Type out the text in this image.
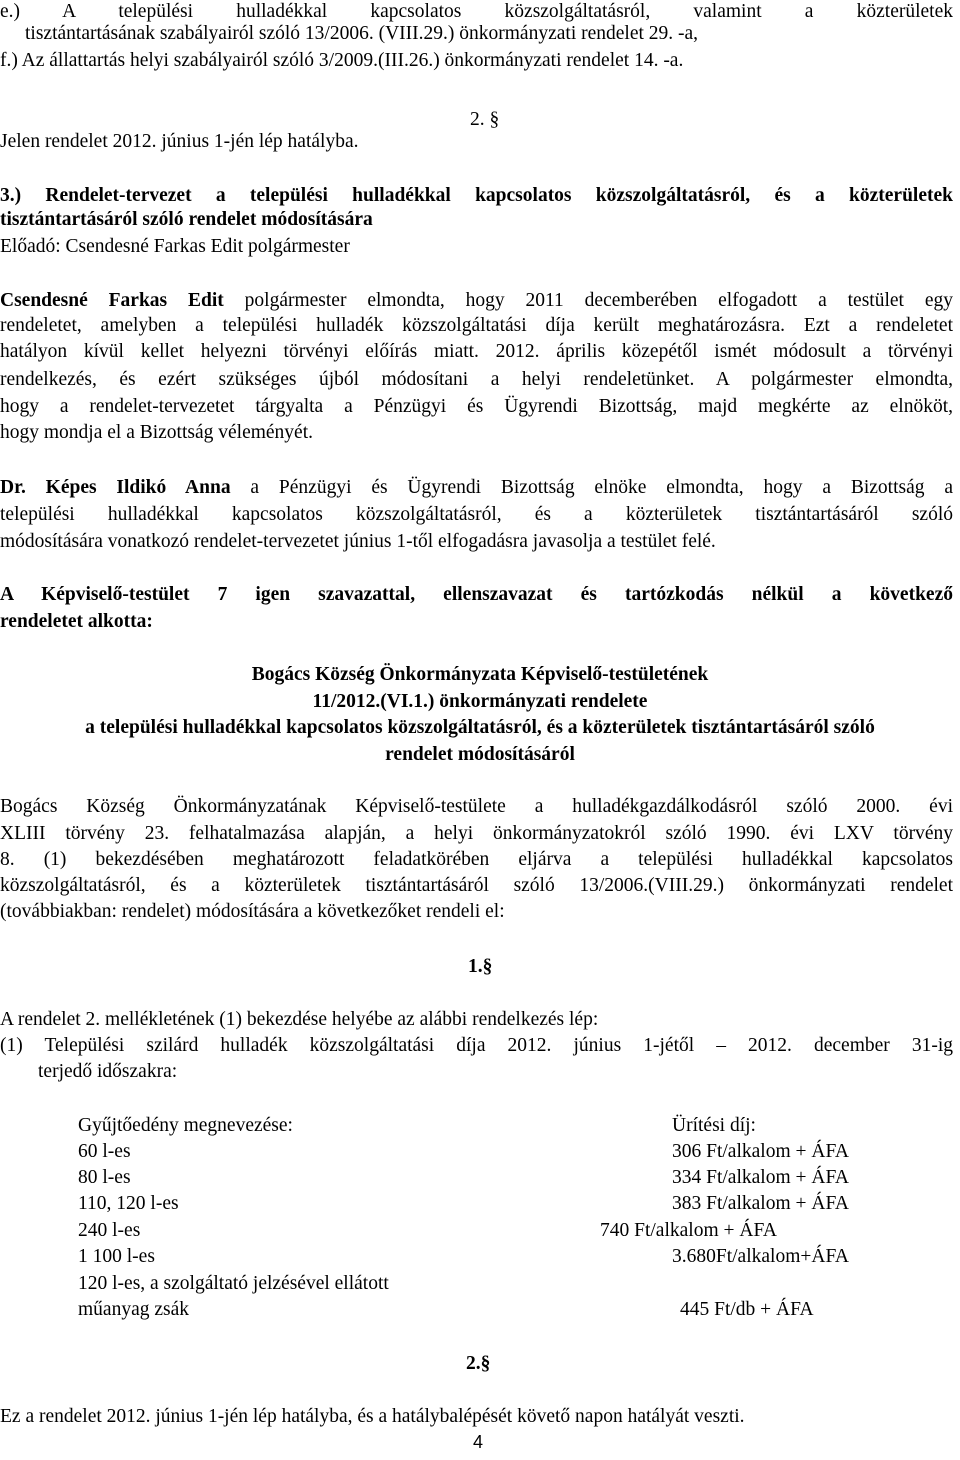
e.) A települési hulladékkal kapcsolatos közszolgáltatásról, valamint a közterületek
tisztántartásának szabályairól szóló 13/2006. (VIII.29.) önkormányzati rendelet 29. -a,
f.) Az állattartás helyi szabályairól szóló 3/2009.(III.26.) önkormányzati rendelet 14. -a.
Jelen rendelet 2012. június 1-jén lép hatályba.
2. §
3.) Rendelet-tervezet a települési hulladékkal kapcsolatos közszolgáltatásról, és a közterületek
tisztántartásáról szóló rendelet módosítására
Előadó: Csendesné Farkas Edit polgármester
Csendesné Farkas Edit polgármester elmondta, hogy 2011 decemberében elfogadott a testület egy
rendeletet, amelyben a települési hulladék közszolgáltatási díja került meghatározásra. Ezt a rendeletet
hatályon kívül kellet helyezni törvényi előírás miatt. 2012. április közepétől ismét módosult a törvényi
rendelkezés, és ezért szükséges újból módosítani a helyi rendeletünket. A polgármester elmondta,
hogy a rendelet-tervezetet tárgyalta a Pénzügyi és Ügyrendi Bizottság, majd megkérte az elnököt,
hogy mondja el a Bizottság véleményét.
Dr. Képes Ildikó Anna a Pénzügyi és Ügyrendi Bizottság elnöke elmondta, hogy a Bizottság a
települési hulladékkal kapcsolatos közszolgáltatásról, és a közterületek tisztántartásáról szóló
módosítására vonatkozó rendelet-tervezetet június 1-től elfogadásra javasolja a testület felé.
A Képviselő-testület 7 igen szavazattal, ellenszavazat és tartózkodás nélkül a következő
rendeletet alkotta:
Bogács Község Önkormányzata Képviselő-testületének
11/2012.(VI.1.) önkormányzati rendelete
a települési hulladékkal kapcsolatos közszolgáltatásról, és a közterületek tisztántartásáról szóló
rendelet módosításáról
Bogács Község Önkormányzatának Képviselő-testülete a hulladékgazdálkodásról szóló 2000. évi
XLIII törvény 23. felhatalmazása alapján, a helyi önkormányzatokról szóló 1990. évi LXV törvény
8. (1) bekezdésében meghatározott feladatkörében eljárva a települési hulladékkal kapcsolatos
közszolgáltatásról, és a közterületek tisztántartásáról szóló 13/2006.(VIII.29.) önkormányzati rendelet
(továbbiakban: rendelet) módosítására a következőket rendeli el:
1.§
A rendelet 2. mellékletének (1) bekezdése helyébe az alábbi rendelkezés lép:
(1) Települési szilárd hulladék közszolgáltatási díja 2012. június 1-jétől – 2012. december 31-ig
terjedő időszakra:
Gyűjtőedény megnevezése:	Ürítési díj:
60 l-es	306 Ft/alkalom + ÁFA
80 l-es	334 Ft/alkalom + ÁFA
110, 120 l-es	383 Ft/alkalom + ÁFA
240 l-es	740 Ft/alkalom + ÁFA
1 100 l-es	3.680Ft/alkalom+ÁFA
120 l-es, a szolgáltató jelzésével ellátott
műanyag zsák	445 Ft/db + ÁFA
2.§
Ez a rendelet 2012. június 1-jén lép hatályba, és a hatálybalépését követő napon hatályát veszti.
4
